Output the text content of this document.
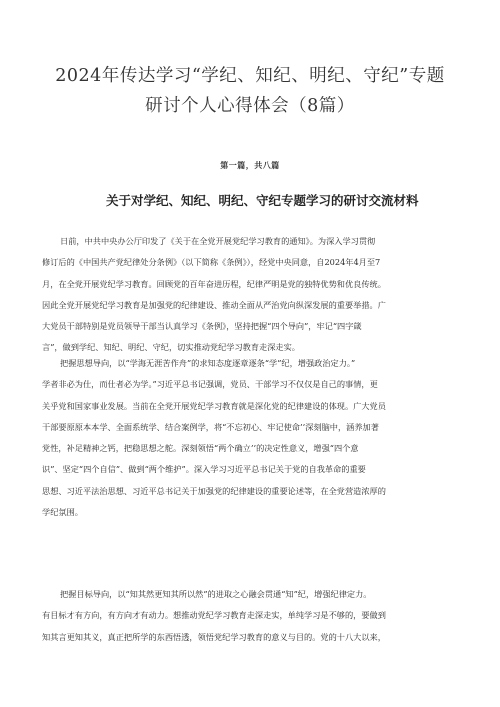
2024年传达学习“学纪、知纪、明纪、守纪”专题
研讨个人心得体会（8篇）
第一篇，共八篇
关于对学纪、知纪、明纪、守纪专题学习的研讨交流材料
日前，中共中央办公厅印发了《关于在全党开展党纪学习教育的通知》。为深入学习贯彻
修订后的《中国共产党纪律处分条例》（以下简称《条例》），经党中央同意，自2024年4月至7
月，在全党开展党纪学习教育。回顾党的百年奋进历程，纪律严明是党的独特优势和优良传统。
因此全党开展党纪学习教育是加强党的纪律建设、推动全面从严治党向纵深发展的重要举措。广
大党员干部特别是党员领导干部当认真学习《条例》，坚持把握“四个导向”，牢记“四字箴
言”，做到学纪、知纪、明纪、守纪，切实推动党纪学习教育走深走实。
把握思想导向，以“学海无涯苦作舟”的求知态度逐章逐条“学”纪，增强政治定力。”
学者非必为仕，而仕者必为学。”习近平总书记强调，党员、干部学习不仅仅是自己的事情，更
关乎党和国家事业发展。当前在全党开展党纪学习教育就是深化党的纪律建设的体现。广大党员
干部要原原本本学、全面系统学、结合案例学，将“不忘初心、牢记使命’’深刻脑中，涵养加著
党性，补足精神之钙，把稳思想之舵。深刻领悟“两个确立’’的决定性意义，增强“四个意
识”、坚定“四个自信”、做到“两个维护”。深入学习习近平总书记关于党的自我革命的重要
思想、习近平法治思想、习近平总书记关于加强党的纪律建设的重要论述等，在全党营造浓厚的
学纪氛围。
把握目标导向，以“知其然更知其所以然”的进取之心融会贯通“知”纪，增强纪律定力。
有目标才有方向，有方向才有动力。想推动党纪学习教育走深走实，单纯学习是不够的，要做到
知其言更知其义，真正把所学的东西悟透，领悟党纪学习教育的意义与目的。党的十八大以来，
